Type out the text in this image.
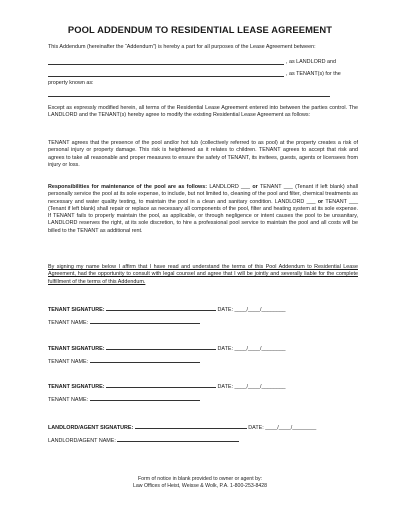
POOL ADDENDUM TO RESIDENTIAL LEASE AGREEMENT
This Addendum (hereinafter the “Addendum”) is hereby a part for all purposes of the Lease Agreement between:
, as LANDLORD and
, as TENANT(s) for the
property known as:
Except as expressly modified herein, all terms of the Residential Lease Agreement entered into between the parties control. The LANDLORD and the TENANT(s) hereby agree to modify the existing Residential Lease Agreement as follows:
TENANT agrees that the presence of the pool and/or hot tub (collectively referred to as pool) at the property creates a risk of personal injury or property damage. This risk is heightened as it relates to children. TENANT agrees to accept that risk and agrees to take all reasonable and proper measures to ensure the safety of TENANT, its invitees, guests, agents or licensees from injury or loss.
Responsibilities for maintenance of the pool are as follows: LANDLORD ___ or TENANT ___ (Tenant if left blank) shall personally service the pool at its sole expense, to include, but not limited to, cleaning of the pool and filter, chemical treatments as necessary and water quality testing, to maintain the pool in a clean and sanitary condition. LANDLORD ___ or TENANT ___ (Tenant if left blank) shall repair or replace as necessary all components of the pool, filter and heating system at its sole expense. If TENANT fails to properly maintain the pool, as applicable, or through negligence or intent causes the pool to be unsanitary, LANDLORD reserves the right, at its sole discretion, to hire a professional pool service to maintain the pool and all costs will be billed to the TENANT as additional rent.
By signing my name below I affirm that I have read and understand the terms of this Pool Addendum to Residential Lease Agreement, had the opportunity to consult with legal counsel and agree that I will be jointly and severally liable for the complete fulfillment of the terms of this Addendum.
TENANT SIGNATURE:	DATE: ____/____/________
TENANT NAME:
TENANT SIGNATURE:	DATE: ____/____/________
TENANT NAME:
TENANT SIGNATURE:	DATE: ____/____/________
TENANT NAME:
LANDLORD/AGENT SIGNATURE:	DATE: ____/____/________
LANDLORD/AGENT NAME:
Form of notice in blank provided to owner or agent by:
Law Offices of Heist, Weisse & Wolk, P.A. 1-800-253-8428
